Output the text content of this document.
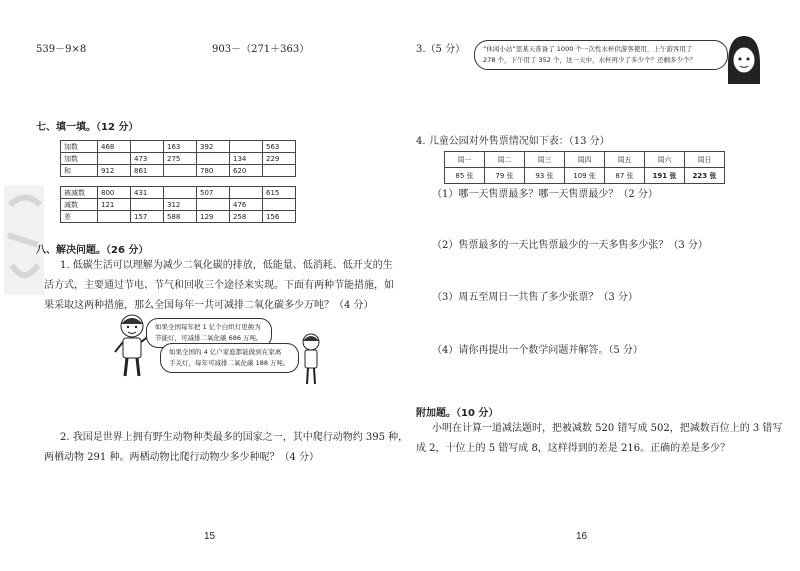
539－9×8	903－（271＋363）
七、填一填。（12 分）
加数	468		163	392		563
加数		473	275		134	229
和	912	861		780	620	
被减数	800	431		507		615
减数	121		312		476	
差		157	588	129	258	156
八、解决问题。（26 分）
1. 低碳生活可以理解为减少二氧化碳的排放，低能量、低消耗、低开支的生
活方式，主要通过节电、节气和回收三个途径来实现。下面有两种节能措施，如
果采取这两种措施，那么全国每年一共可减排二氧化碳多少万吨？（4 分）
如果全国每年把 1 亿个白炽灯更换为
节能灯，可减排二氧化碳 686 万吨。
如果全国的 4 亿户家庭都能做到在家离
手关灯，每年可减排二氧化碳 188 万吨。
2. 我国是世界上拥有野生动物种类最多的国家之一，其中爬行动物约 395 种，
两栖动物 291 种。两栖动物比爬行动物少多少种呢？（4 分）
15
3.（5 分）	“休闲小站”里某天准备了 1000 个一次性水杯供游客使用，上午游客用了
278 个，下午用了 352 个，这一天中，水杯再少了多少个？还剩多少个？
4. 儿童公园对外售票情况如下表：（13 分）
周一	周二	周三	周四	周五	周六	周日
85 张	79 张	93 张	109 张	87 张	191 张	223 张
（1）哪一天售票最多？哪一天售票最少？（2 分）
（2）售票最多的一天比售票最少的一天多售多少张？（3 分）
（3）周五至周日一共售了多少张票？（3 分）
（4）请你再提出一个数学问题并解答。（5 分）
附加题。（10 分）
小明在计算一道减法题时，把被减数 520 错写成 502，把减数百位上的 3 错写
成 2，十位上的 5 错写成 8，这样得到的差是 216。正确的差是多少？
16
